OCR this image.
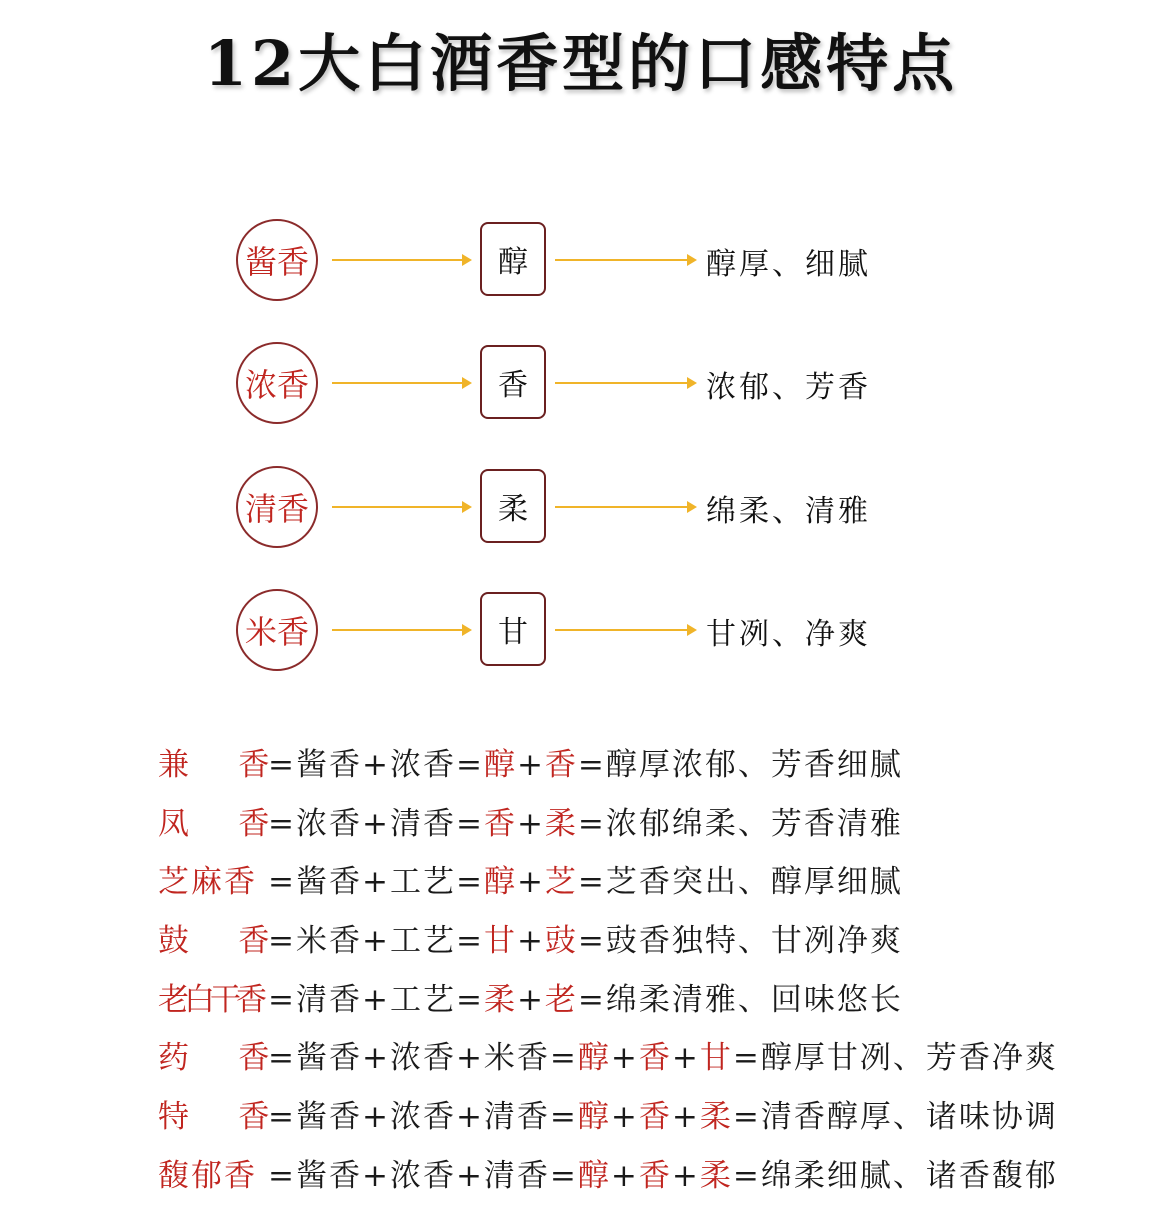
12大白酒香型的口感特点
酱香	醇	醇厚、细腻
浓香	香	浓郁、芳香
清香	柔	绵柔、清雅
米香	甘	甘冽、净爽
兼 香=酱香+浓香=醇+香=醇厚浓郁、芳香细腻
凤 香=浓香+清香=香+柔=浓郁绵柔、芳香清雅
芝麻香 =酱香+工艺=醇+芝=芝香突出、醇厚细腻
鼓 香=米香+工艺=甘+豉=豉香独特、甘冽净爽
老白干香 =清香+工艺=柔+老=绵柔清雅、回味悠长
药 香=酱香+浓香+米香=醇+香+甘=醇厚甘冽、芳香净爽
特 香=酱香+浓香+清香=醇+香+柔=清香醇厚、诸味协调
馥郁香 =酱香+浓香+清香=醇+香+柔=绵柔细腻、诸香馥郁
